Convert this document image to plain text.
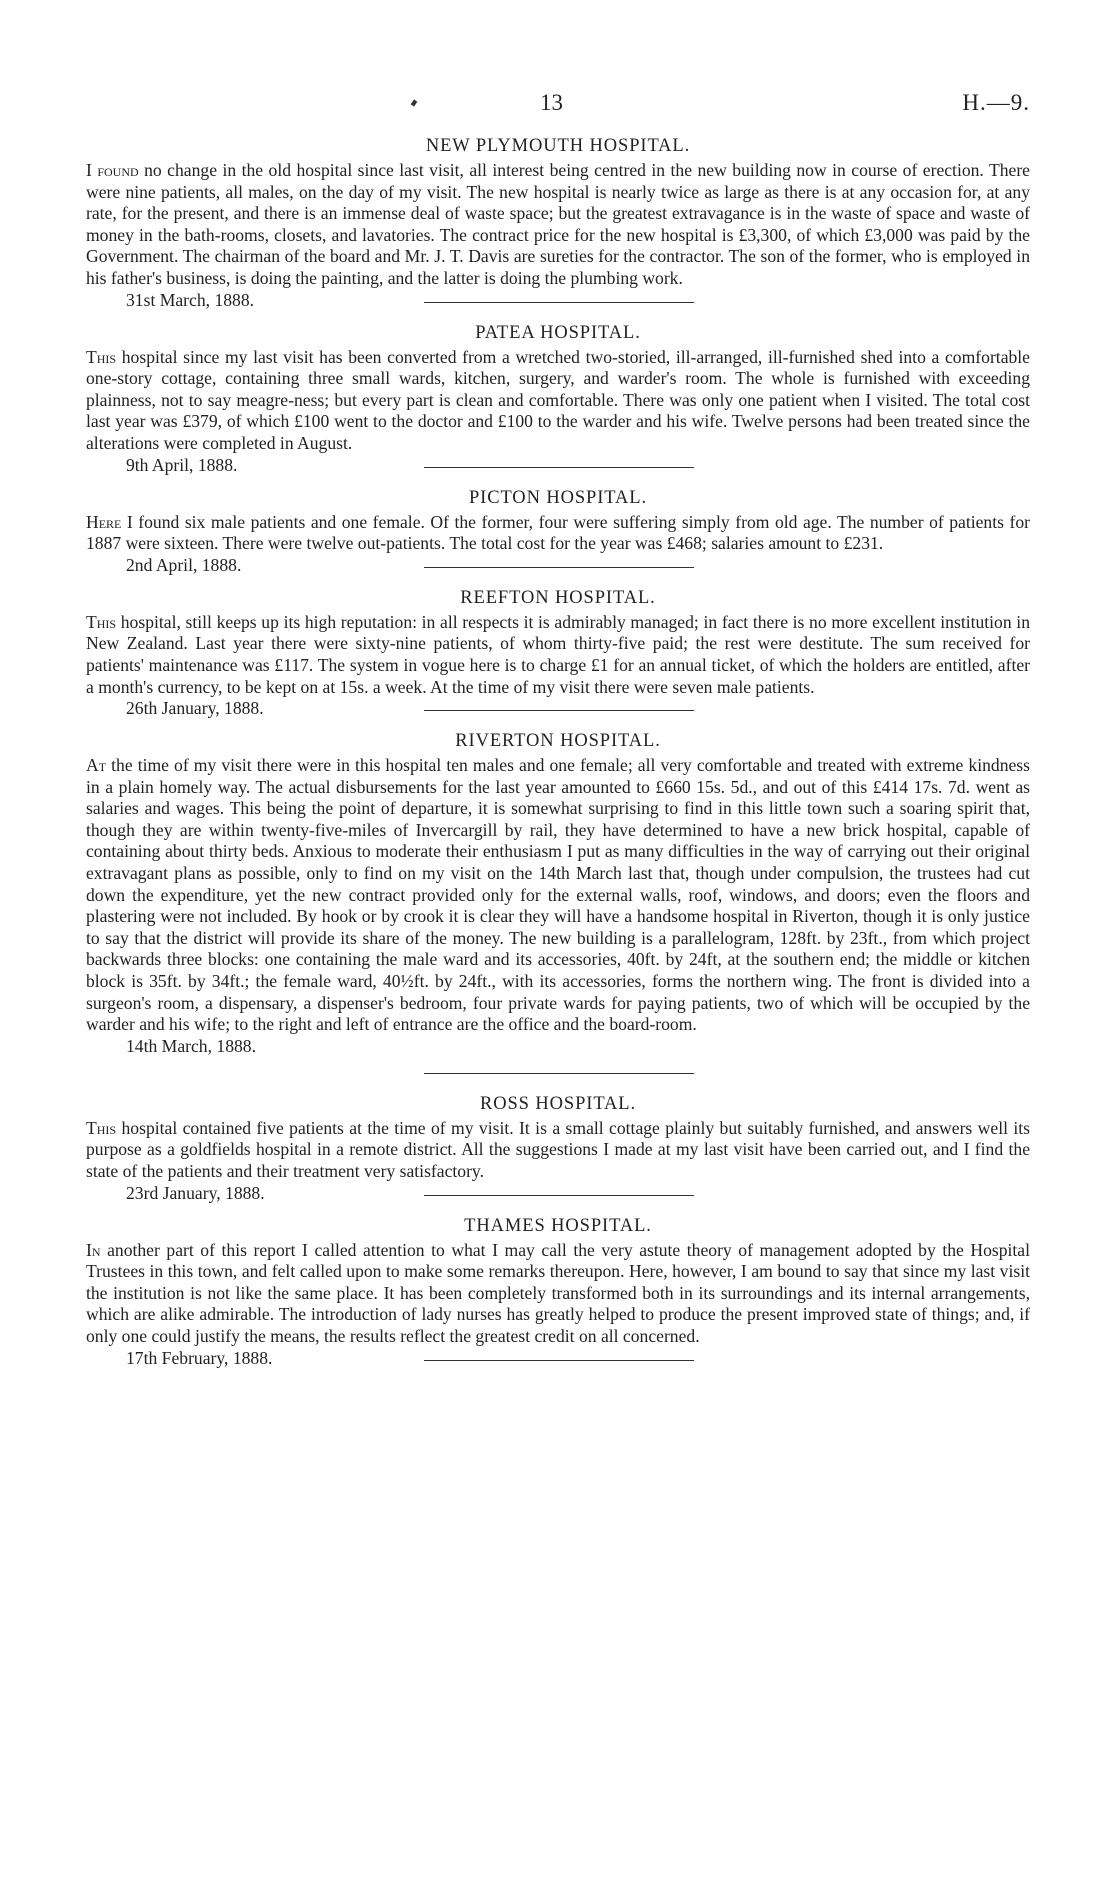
13	H.—9.
NEW PLYMOUTH HOSPITAL.

I found no change in the old hospital since last visit, all interest being centred in the new building now in course of erection. There were nine patients, all males, on the day of my visit. The new hospital is nearly twice as large as there is at any occasion for, at any rate, for the present, and there is an immense deal of waste space; but the greatest extravagance is in the waste of space and waste of money in the bath-rooms, closets, and lavatories. The contract price for the new hospital is £3,300, of which £3,000 was paid by the Government. The chairman of the board and Mr. J. T. Davis are sureties for the contractor. The son of the former, who is employed in his father's business, is doing the painting, and the latter is doing the plumbing work.

31st March, 1888.
PATEA HOSPITAL.

This hospital since my last visit has been converted from a wretched two-storied, ill-arranged, ill-furnished shed into a comfortable one-story cottage, containing three small wards, kitchen, surgery, and warder's room. The whole is furnished with exceeding plainness, not to say meagre-ness; but every part is clean and comfortable. There was only one patient when I visited. The total cost last year was £379, of which £100 went to the doctor and £100 to the warder and his wife. Twelve persons had been treated since the alterations were completed in August.

9th April, 1888.
PICTON HOSPITAL.

Here I found six male patients and one female. Of the former, four were suffering simply from old age. The number of patients for 1887 were sixteen. There were twelve out-patients. The total cost for the year was £468; salaries amount to £231.

2nd April, 1888.
REEFTON HOSPITAL.

This hospital, still keeps up its high reputation: in all respects it is admirably managed; in fact there is no more excellent institution in New Zealand. Last year there were sixty-nine patients, of whom thirty-five paid; the rest were destitute. The sum received for patients' maintenance was £117. The system in vogue here is to charge £1 for an annual ticket, of which the holders are entitled, after a month's currency, to be kept on at 15s. a week. At the time of my visit there were seven male patients.

26th January, 1888.
RIVERTON HOSPITAL.

At the time of my visit there were in this hospital ten males and one female; all very comfortable and treated with extreme kindness in a plain homely way. The actual disbursements for the last year amounted to £660 15s. 5d., and out of this £414 17s. 7d. went as salaries and wages. This being the point of departure, it is somewhat surprising to find in this little town such a soaring spirit that, though they are within twenty-five-miles of Invercargill by rail, they have determined to have a new brick hospital, capable of containing about thirty beds. Anxious to moderate their enthusiasm I put as many difficulties in the way of carrying out their original extravagant plans as possible, only to find on my visit on the 14th March last that, though under compulsion, the trustees had cut down the expenditure, yet the new contract provided only for the external walls, roof, windows, and doors; even the floors and plastering were not included. By hook or by crook it is clear they will have a handsome hospital in Riverton, though it is only justice to say that the district will provide its share of the money. The new building is a parallelogram, 128ft. by 23ft., from which project backwards three blocks: one containing the male ward and its accessories, 40ft. by 24ft, at the southern end; the middle or kitchen block is 35ft. by 34ft.; the female ward, 40½ft. by 24ft., with its accessories, forms the northern wing. The front is divided into a surgeon's room, a dispensary, a dispenser's bedroom, four private wards for paying patients, two of which will be occupied by the warder and his wife; to the right and left of entrance are the office and the board-room.

14th March, 1888.
ROSS HOSPITAL.

This hospital contained five patients at the time of my visit. It is a small cottage plainly but suitably furnished, and answers well its purpose as a goldfields hospital in a remote district. All the suggestions I made at my last visit have been carried out, and I find the state of the patients and their treatment very satisfactory.

23rd January, 1888.
THAMES HOSPITAL.

In another part of this report I called attention to what I may call the very astute theory of management adopted by the Hospital Trustees in this town, and felt called upon to make some remarks thereupon. Here, however, I am bound to say that since my last visit the institution is not like the same place. It has been completely transformed both in its surroundings and its internal arrangements, which are alike admirable. The introduction of lady nurses has greatly helped to produce the present improved state of things; and, if only one could justify the means, the results reflect the greatest credit on all concerned.

17th February, 1888.
